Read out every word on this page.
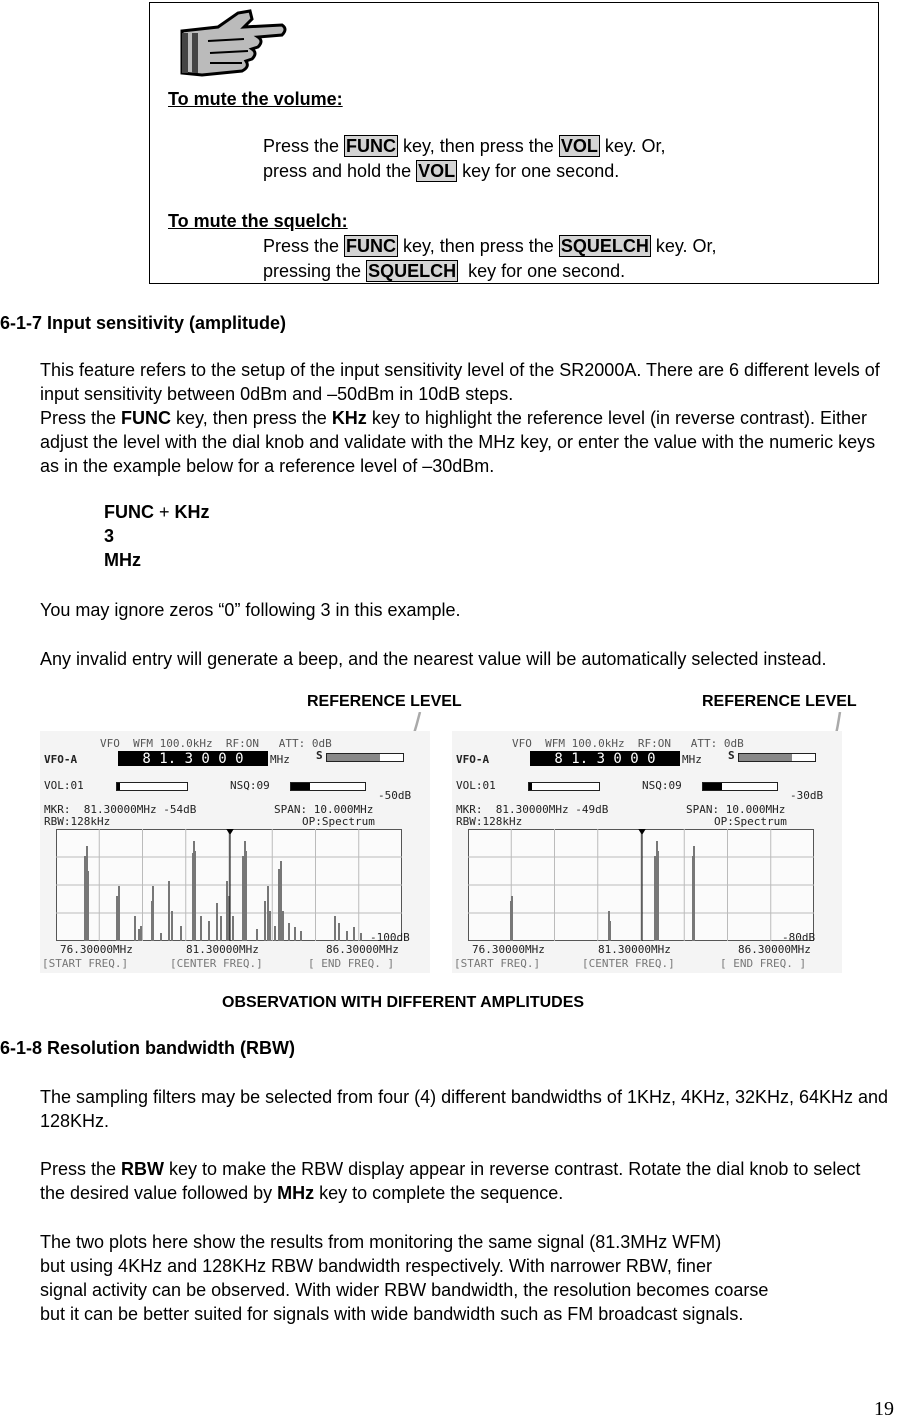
To mute the volume:
Press the FUNC key, then press the VOL key. Or,
press and hold the VOL key for one second.
To mute the squelch:
Press the FUNC key, then press the SQUELCH key. Or,
pressing the SQUELCH  key for one second.
6-1-7 Input sensitivity (amplitude)
This feature refers to the setup of the input sensitivity level of the SR2000A. There are 6 different levels of input sensitivity between 0dBm and –50dBm in 10dB steps.
Press the FUNC key, then press the KHz key to highlight the reference level (in reverse contrast). Either adjust the level with the dial knob and validate with the MHz key, or enter the value with the numeric keys as in the example below for a reference level of –30dBm.
FUNC + KHz
3
MHz
You may ignore zeros “0” following 3 in this example.
Any invalid entry will generate a beep, and the nearest value will be automatically selected instead.
REFERENCE LEVEL	REFERENCE LEVEL
VFO  WFM 100.0kHz  RF:ON   ATT: 0dB
VFO-A	8 1. 3 0 0 0	MHz S
VOL:01	NSQ:09
-50dB
MKR:  81.30000MHz -54dB	SPAN: 10.000MHz
RBW:128kHz	OP:Spectrum
-100dB
76.30000MHz	81.30000MHz	86.30000MHz
[START FREQ.]	[CENTER FREQ.]	[ END FREQ. ]
VFO  WFM 100.0kHz  RF:ON   ATT: 0dB
VFO-A	8 1. 3 0 0 0	MHz S
VOL:01	NSQ:09
-30dB
MKR:  81.30000MHz -49dB	SPAN: 10.000MHz
RBW:128kHz	OP:Spectrum
-80dB
76.30000MHz	81.30000MHz	86.30000MHz
[START FREQ.]	[CENTER FREQ.]	[ END FREQ. ]
OBSERVATION WITH DIFFERENT AMPLITUDES
6-1-8 Resolution bandwidth (RBW)
The sampling filters may be selected from four (4) different bandwidths of 1KHz, 4KHz, 32KHz, 64KHz and 128KHz.
Press the RBW key to make the RBW display appear in reverse contrast. Rotate the dial knob to select the desired value followed by MHz key to complete the sequence.
The two plots here show the results from monitoring the same signal (81.3MHz WFM)
but using 4KHz and 128KHz RBW bandwidth respectively. With narrower RBW, finer
signal activity can be observed. With wider RBW bandwidth, the resolution becomes coarse
but it can be better suited for signals with wide bandwidth such as FM broadcast signals.
19
